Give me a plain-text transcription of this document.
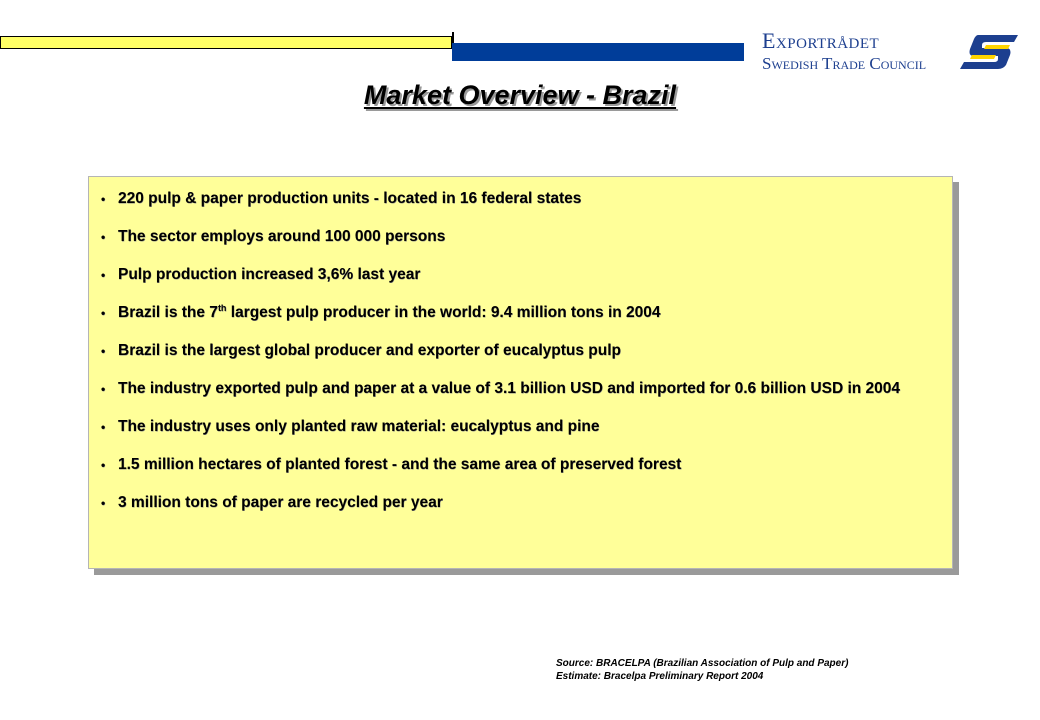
Exportrådet
Swedish Trade Council
Market Overview - Brazil
• 220 pulp & paper production units - located in 16 federal states
• The sector employs around 100 000 persons
• Pulp production increased 3,6% last year
• Brazil is the 7th largest pulp producer in the world: 9.4 million tons in 2004
• Brazil is the largest global producer and exporter of eucalyptus pulp
• The industry exported pulp and paper at a value of 3.1 billion USD and imported for 0.6 billion USD in 2004
• The industry uses only planted raw material: eucalyptus and pine
• 1.5 million hectares of planted forest - and the same area of preserved forest
• 3 million tons of paper are recycled per year
Source: BRACELPA (Brazilian Association of Pulp and Paper)
Estimate: Bracelpa Preliminary Report 2004
